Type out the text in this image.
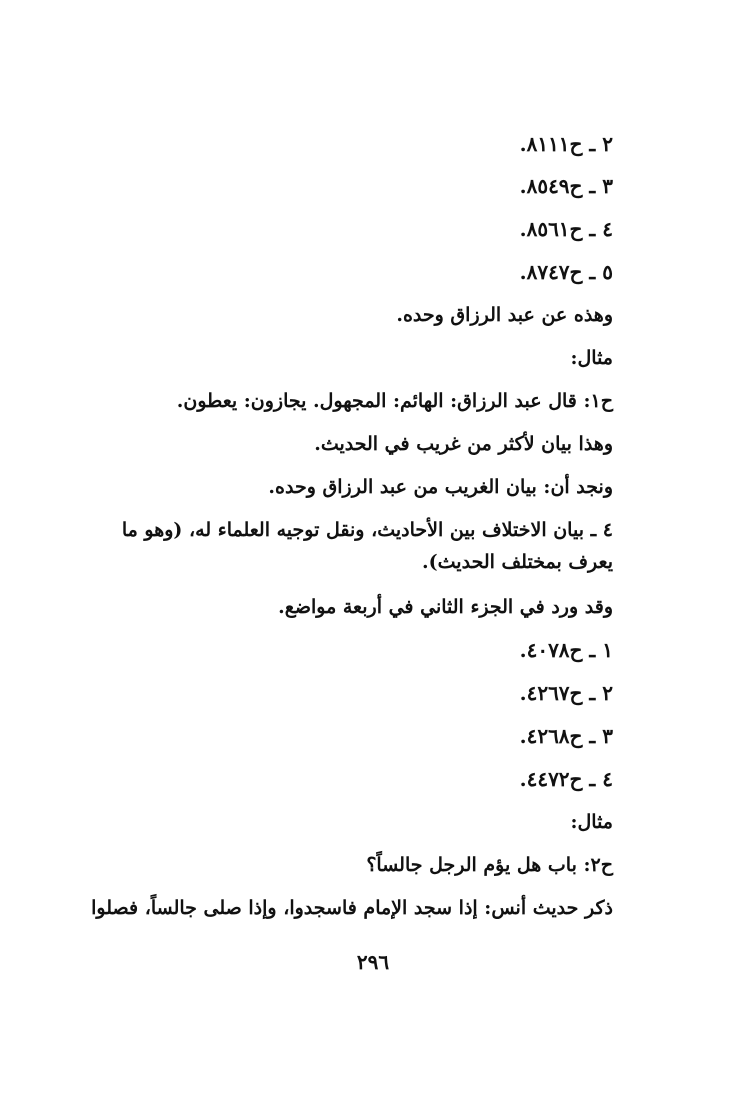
٢ ـ ح٨١١١.
٣ ـ ح٨٥٤٩.
٤ ـ ح٨٥٦١.
٥ ـ ح٨٧٤٧.
وهذه عن عبد الرزاق وحده.
مثال:
ح١: قال عبد الرزاق: الهائم: المجهول. يجازون: يعطون.
وهذا بيان لأكثر من غريب في الحديث.
ونجد أن: بيان الغريب من عبد الرزاق وحده.
٤ ـ بيان الاختلاف بين الأحاديث، ونقل توجيه العلماء له، (وهو ما
يعرف بمختلف الحديث).
وقد ورد في الجزء الثاني في أربعة مواضع.
١ ـ ح٤٠٧٨.
٢ ـ ح٤٢٦٧.
٣ ـ ح٤٢٦٨.
٤ ـ ح٤٤٧٢.
مثال:
ح٢: باب هل يؤم الرجل جالساً؟
ذكر حديث أنس: إذا سجد الإمام فاسجدوا، وإذا صلى جالساً، فصلوا
٢٩٦
